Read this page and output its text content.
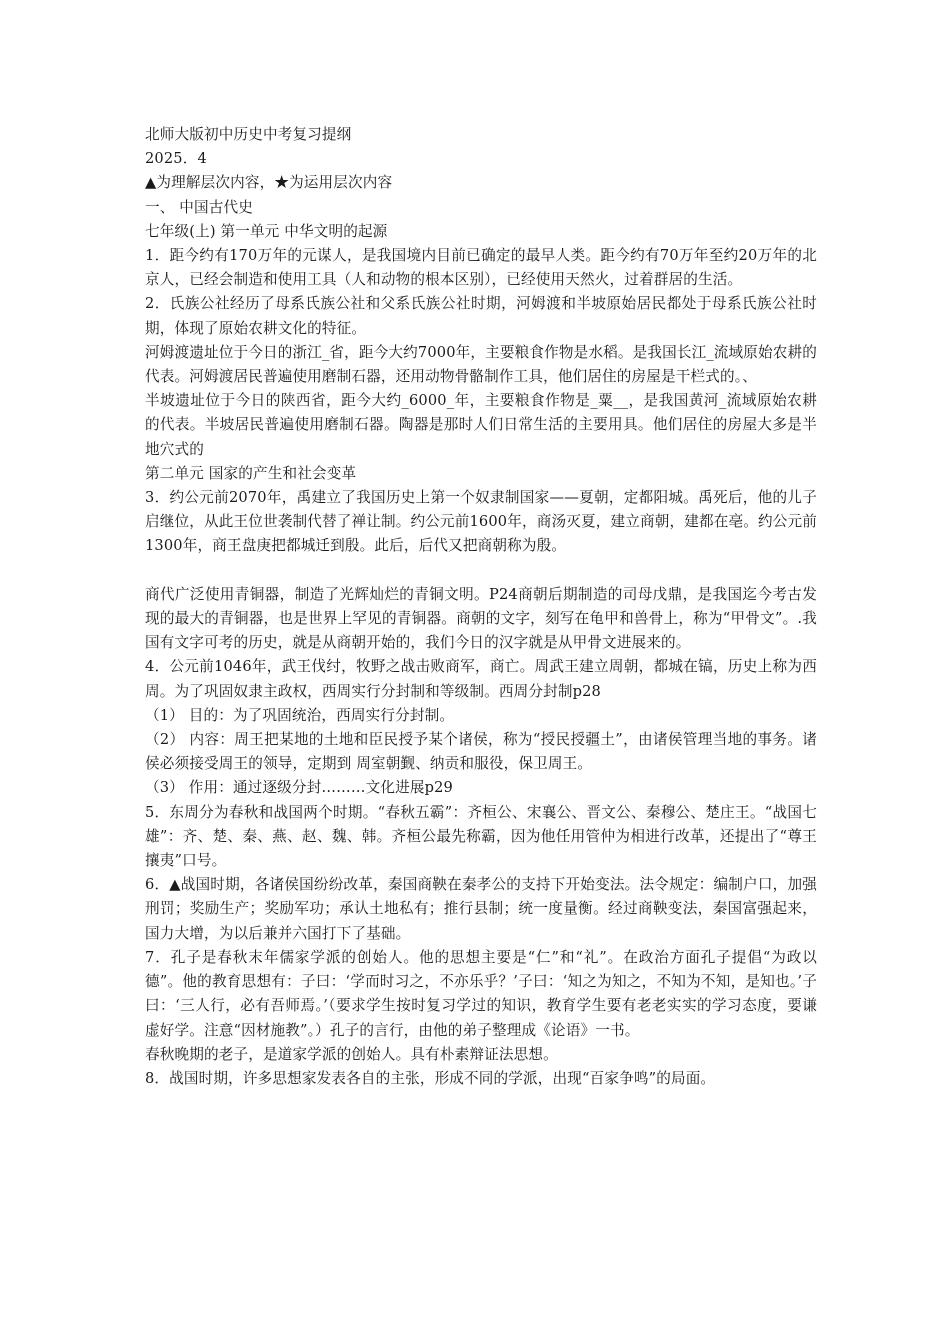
北师大版初中历史中考复习提纲

2025．4

▲为理解层次内容，★为运用层次内容

一、 中国古代史

七年级(上) 第一单元 中华文明的起源

1．距今约有170万年的元谋人，是我国境内目前已确定的最早人类。距今约有70万年至约20万年的北京人，已经会制造和使用工具（人和动物的根本区别），已经使用天然火，过着群居的生活。

2．氏族公社经历了母系氏族公社和父系氏族公社时期，河姆渡和半坡原始居民都处于母系氏族公社时期，体现了原始农耕文化的特征。

河姆渡遗址位于今日的浙江_省，距今大约7000年，主要粮食作物是水稻。是我国长江_流域原始农耕的代表。河姆渡居民普遍使用磨制石器，还用动物骨骼制作工具，他们居住的房屋是干栏式的。、

半坡遗址位于今日的陕西省，距今大约_6000_年，主要粮食作物是_粟__，是我国黄河_流域原始农耕的代表。半坡居民普遍使用磨制石器。陶器是那时人们日常生活的主要用具。他们居住的房屋大多是半地穴式的

第二单元 国家的产生和社会变革

3．约公元前2070年，禹建立了我国历史上第一个奴隶制国家——夏朝，定都阳城。禹死后，他的儿子启继位，从此王位世袭制代替了禅让制。约公元前1600年，商汤灭夏，建立商朝，建都在亳。约公元前1300年，商王盘庚把都城迁到殷。此后，后代又把商朝称为殷。

商代广泛使用青铜器，制造了光辉灿烂的青铜文明。P24商朝后期制造的司母戊鼎，是我国迄今考古发现的最大的青铜器，也是世界上罕见的青铜器。商朝的文字，刻写在龟甲和兽骨上，称为“甲骨文”。.我国有文字可考的历史，就是从商朝开始的，我们今日的汉字就是从甲骨文进展来的。

4．公元前1046年，武王伐纣，牧野之战击败商军，商亡。周武王建立周朝，都城在镐，历史上称为西周。为了巩固奴隶主政权，西周实行分封制和等级制。西周分封制p28

（1） 目的：为了巩固统治，西周实行分封制。

（2） 内容：周王把某地的土地和臣民授予某个诸侯，称为“授民授疆土”，由诸侯管理当地的事务。诸侯必须接受周王的领导，定期到 周室朝觐、纳贡和服役，保卫周王。

（3） 作用：通过逐级分封………文化进展p29

5．东周分为春秋和战国两个时期。“春秋五霸”：齐桓公、宋襄公、晋文公、秦穆公、楚庄王。“战国七雄”：齐、楚、秦、燕、赵、魏、韩。齐桓公最先称霸，因为他任用管仲为相进行改革，还提出了“尊王攘夷”口号。

6．▲战国时期，各诸侯国纷纷改革，秦国商鞅在秦孝公的支持下开始变法。法令规定：编制户口，加强刑罚；奖励生产；奖励军功；承认土地私有；推行县制；统一度量衡。经过商鞅变法，秦国富强起来，国力大增，为以后兼并六国打下了基础。

7．孔子是春秋末年儒家学派的创始人。他的思想主要是“仁”和“礼”。在政治方面孔子提倡“为政以德”。他的教育思想有：子曰：‘学而时习之，不亦乐乎？’子曰：‘知之为知之，不知为不知，是知也。’子曰：‘三人行，必有吾师焉。’（要求学生按时复习学过的知识，教育学生要有老老实实的学习态度，要谦虚好学。注意“因材施教”。）孔子的言行，由他的弟子整理成《论语》一书。

春秋晚期的老子，是道家学派的创始人。具有朴素辩证法思想。

8．战国时期，许多思想家发表各自的主张，形成不同的学派，出现“百家争鸣”的局面。
